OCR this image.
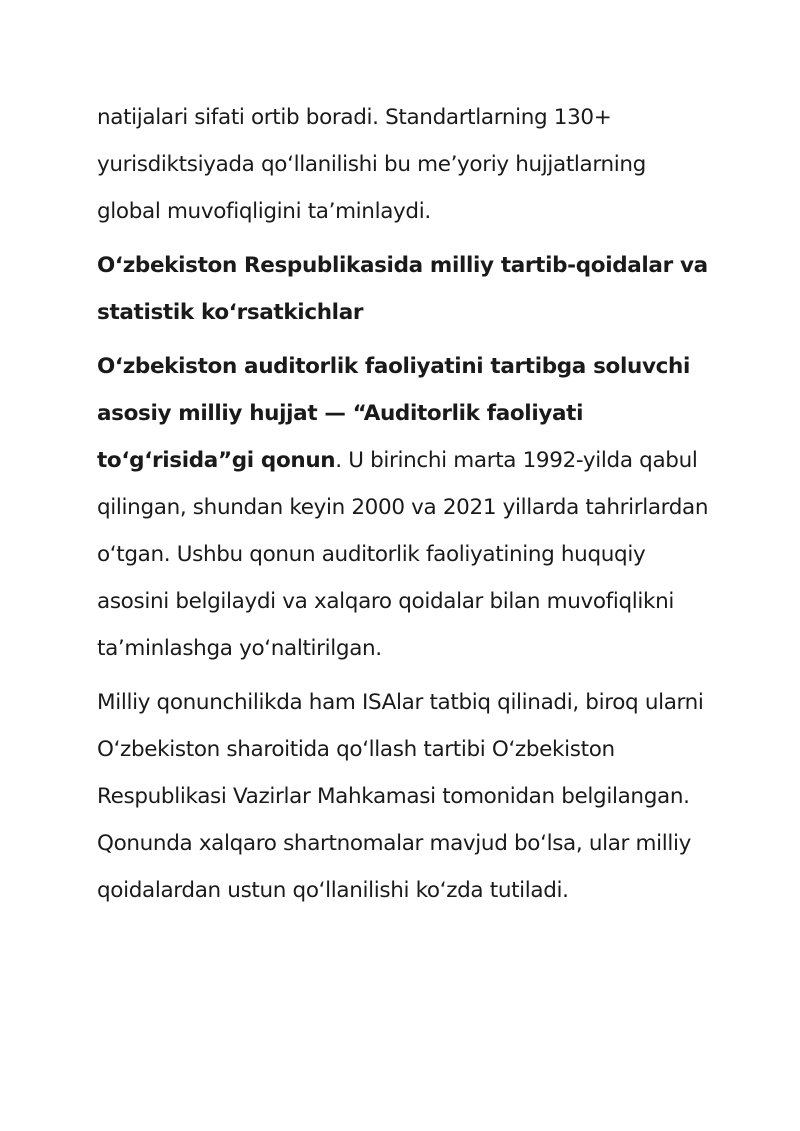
natijalari sifati ortib boradi. Standartlarning 130+ yurisdiktsiyada qo‘llanilishi bu me’yoriy hujjatlarning global muvofiqligini ta’minlaydi.

O‘zbekiston Respublikasida milliy tartib-qoidalar va statistik ko‘rsatkichlar

O‘zbekiston auditorlik faoliyatini tartibga soluvchi asosiy milliy hujjat — “Auditorlik faoliyati to‘g‘risida”gi qonun. U birinchi marta 1992-yilda qabul qilingan, shundan keyin 2000 va 2021 yillarda tahrirlardan o‘tgan. Ushbu qonun auditorlik faoliyatining huquqiy asosini belgilaydi va xalqaro qoidalar bilan muvofiqlikni ta’minlashga yo‘naltirilgan.

Milliy qonunchilikda ham ISAlar tatbiq qilinadi, biroq ularni O‘zbekiston sharoitida qo‘llash tartibi O‘zbekiston Respublikasi Vazirlar Mahkamasi tomonidan belgilangan. Qonunda xalqaro shartnomalar mavjud bo‘lsa, ular milliy qoidalardan ustun qo‘llanilishi ko‘zda tutiladi.
